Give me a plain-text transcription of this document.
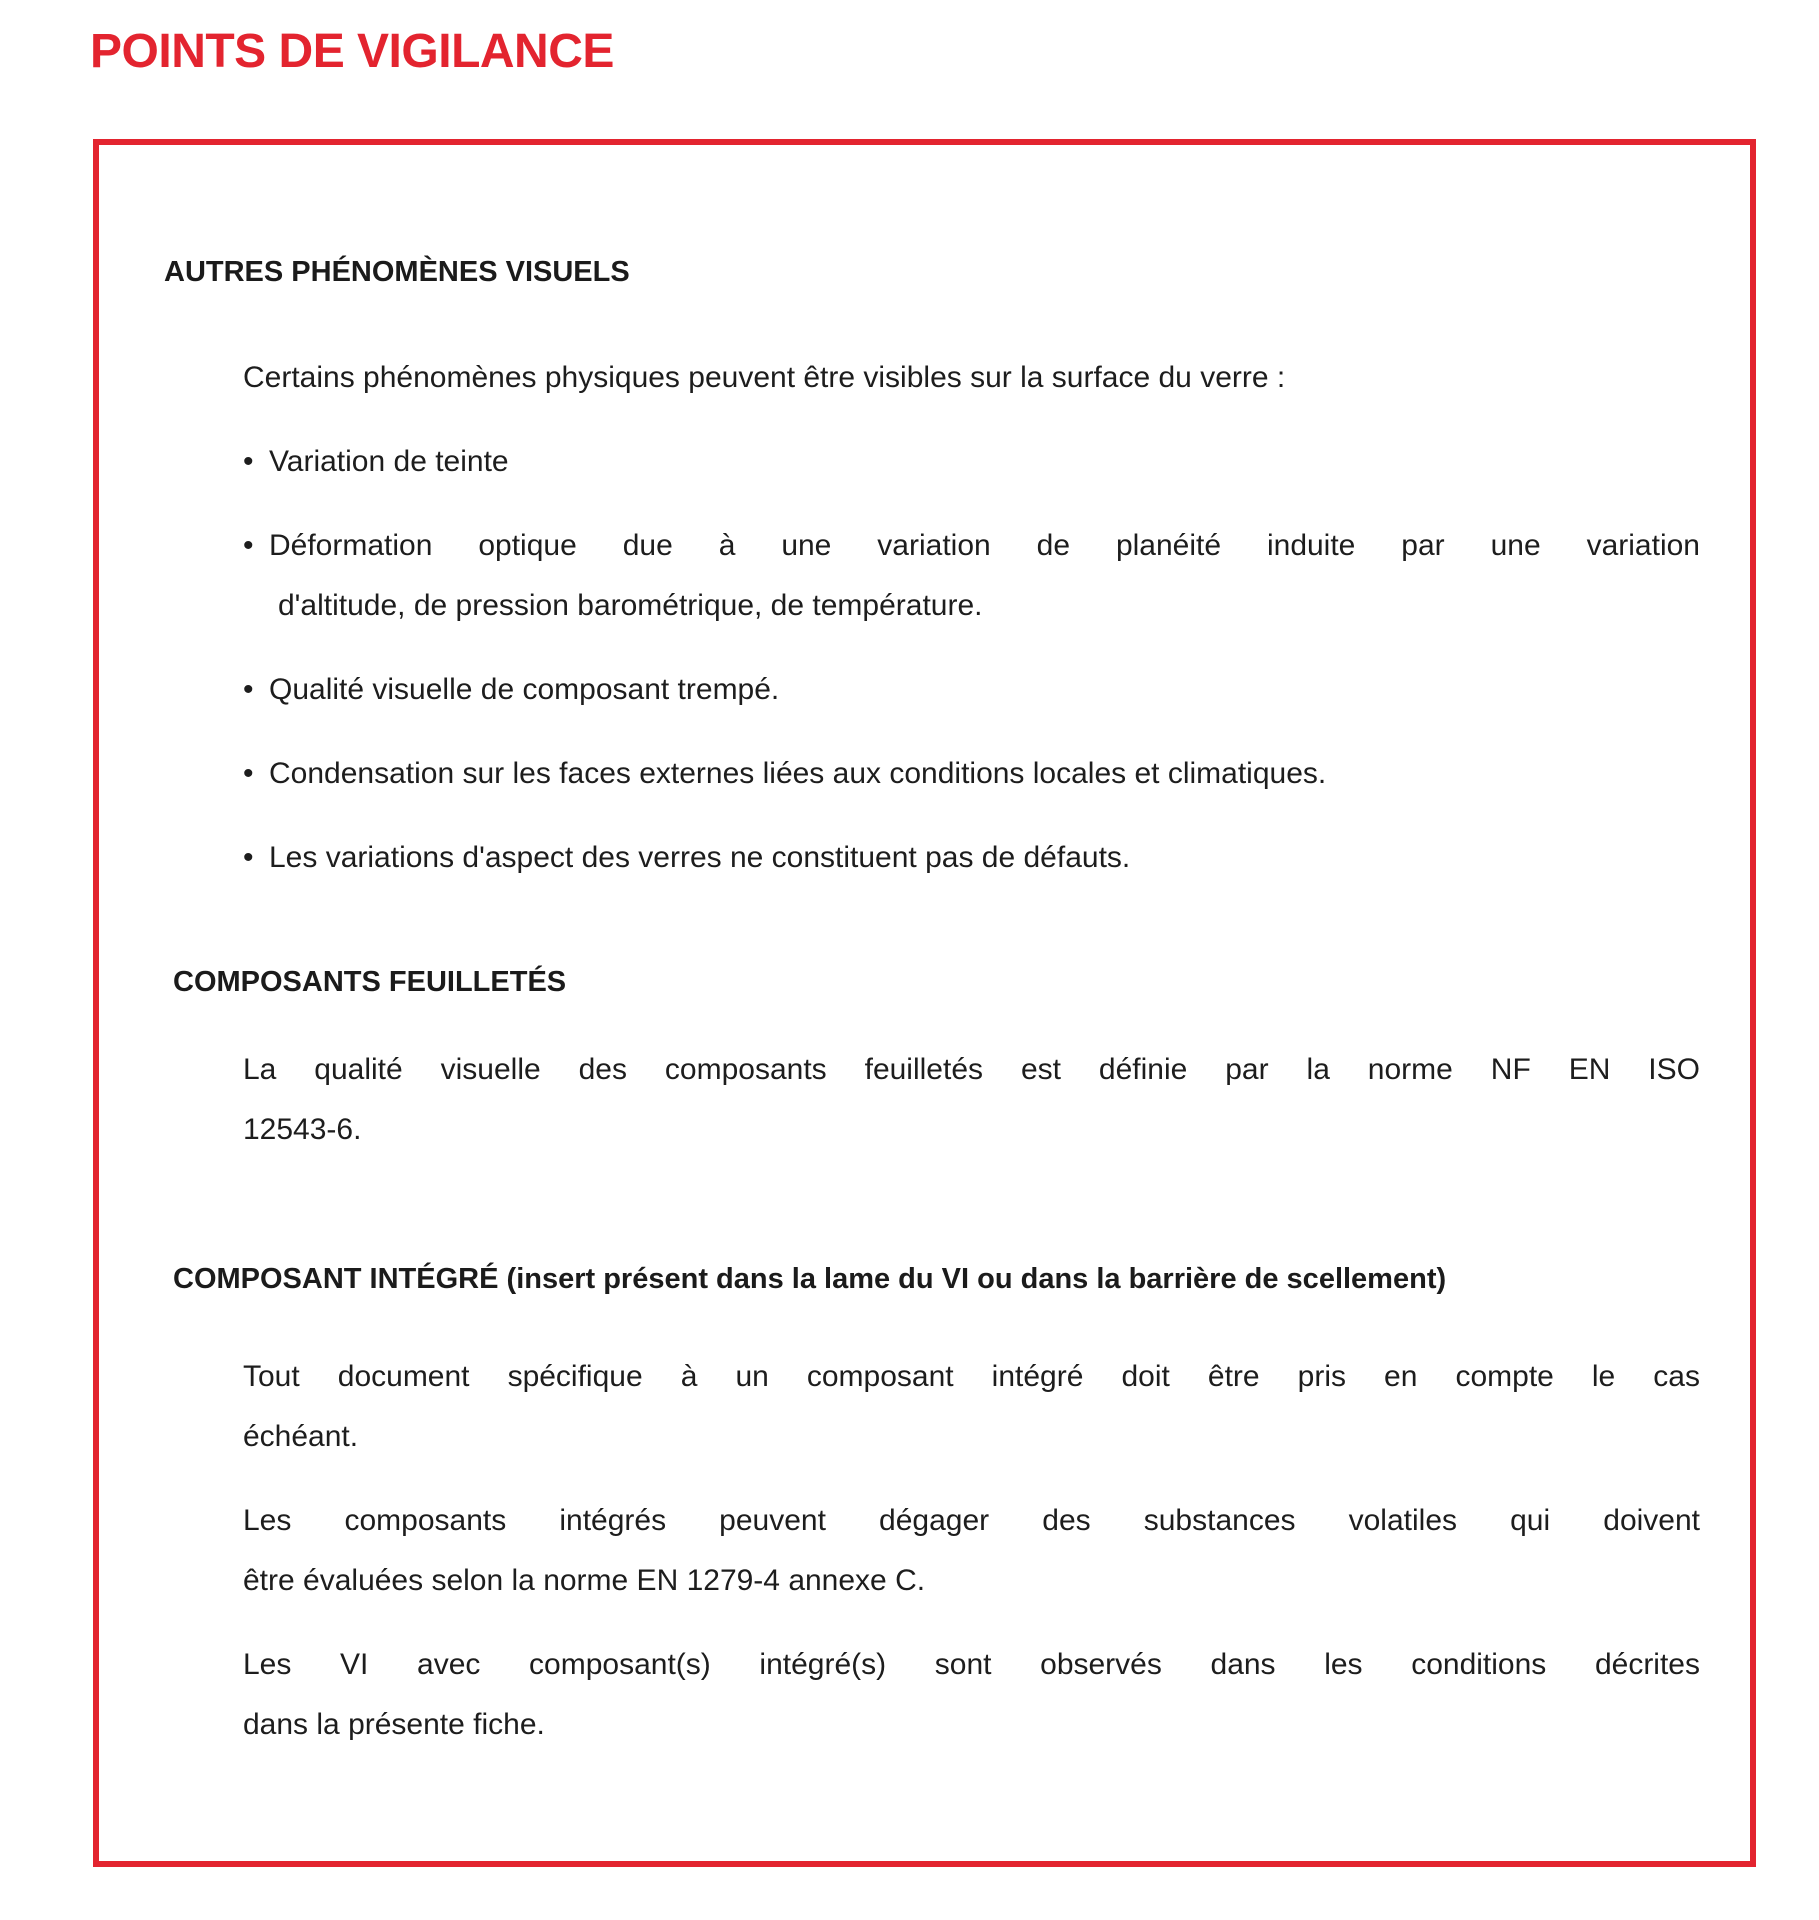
POINTS DE VIGILANCE
AUTRES PHÉNOMÈNES VISUELS
Certains phénomènes physiques peuvent être visibles sur la surface du verre :
• Variation de teinte
• Déformation optique due à une variation de planéité induite par une variation
d'altitude, de pression barométrique, de température.
• Qualité visuelle de composant trempé.
• Condensation sur les faces externes liées aux conditions locales et climatiques.
• Les variations d'aspect des verres ne constituent pas de défauts.
COMPOSANTS FEUILLETÉS
La qualité visuelle des composants feuilletés est définie par la norme NF EN ISO
12543-6.
COMPOSANT INTÉGRÉ (insert présent dans la lame du VI ou dans la barrière de scellement)
Tout document spécifique à un composant intégré doit être pris en compte le cas
échéant.
Les composants intégrés peuvent dégager des substances volatiles qui doivent
être évaluées selon la norme EN 1279-4 annexe C.
Les VI avec composant(s) intégré(s) sont observés dans les conditions décrites
dans la présente fiche.
